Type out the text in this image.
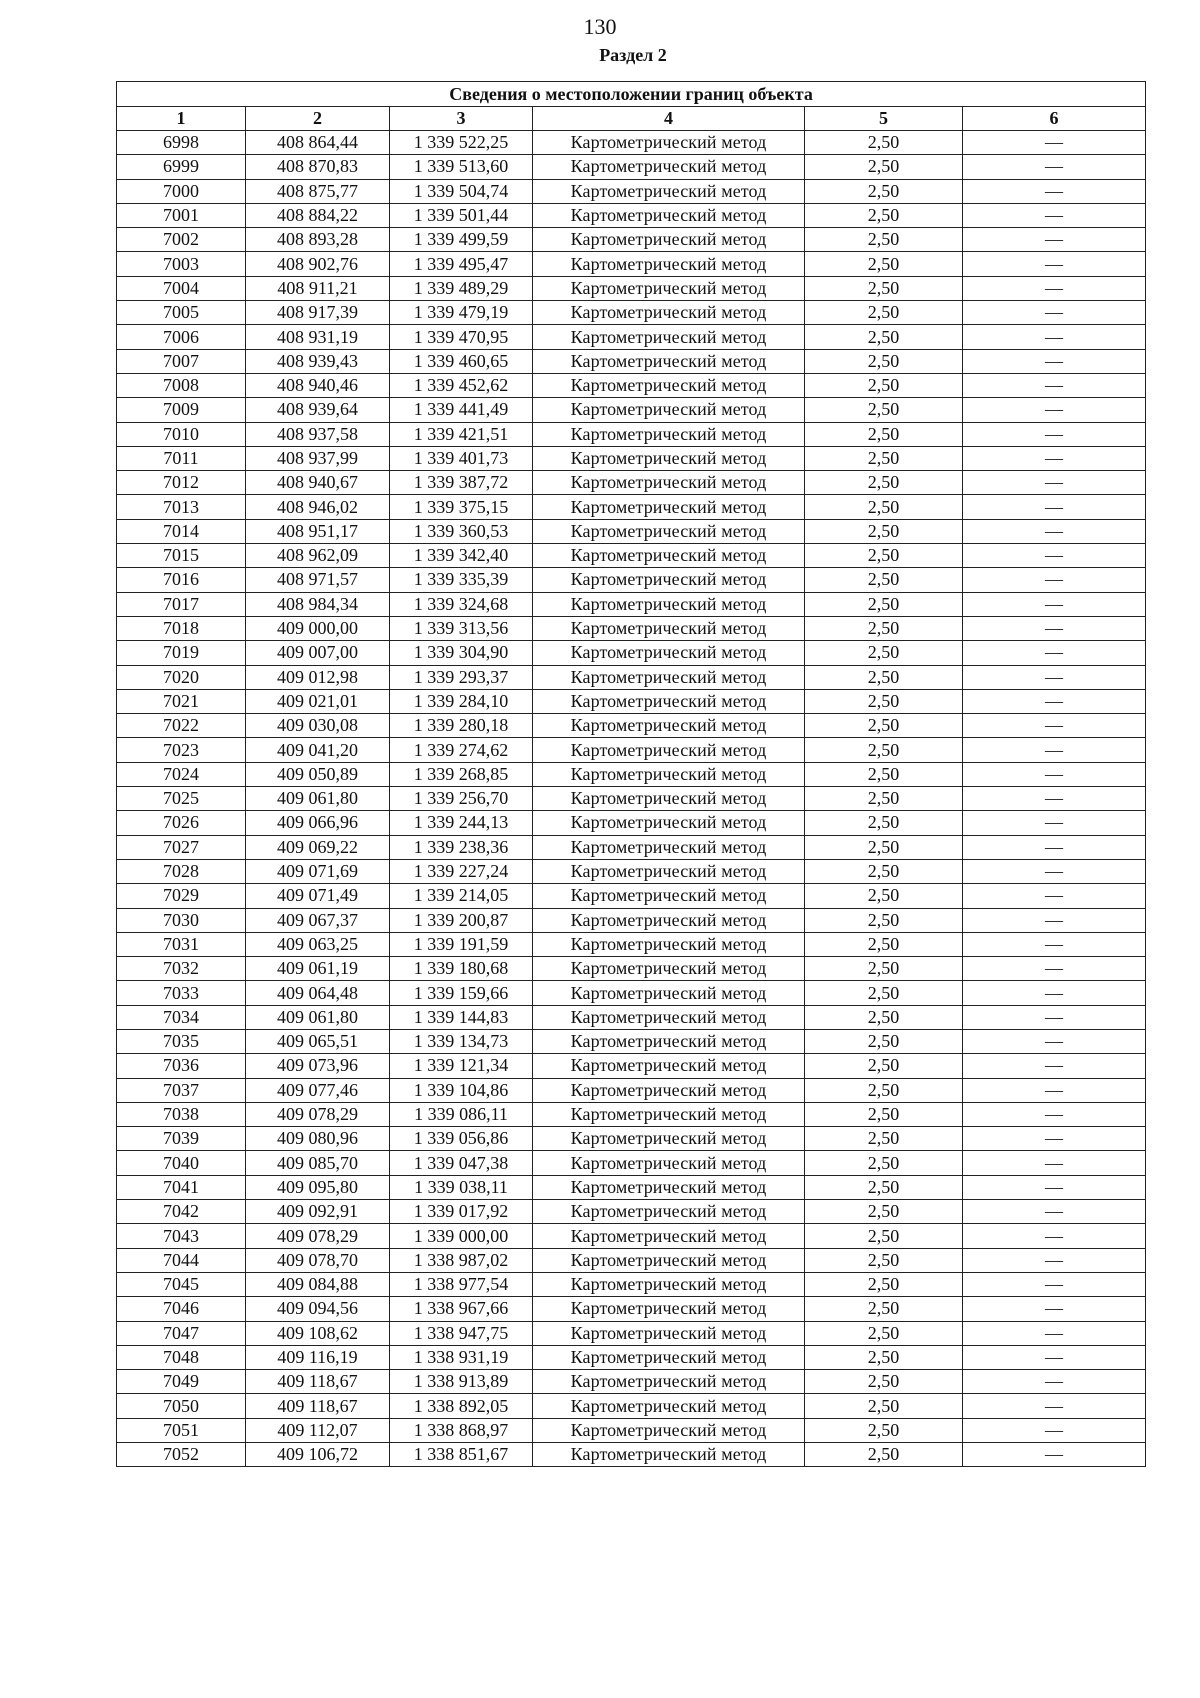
130
Раздел 2
Сведения о местоположении границ объекта					
1	2	3	4	5	6
6998	408 864,44	1 339 522,25	Картометрический метод	2,50	—
6999	408 870,83	1 339 513,60	Картометрический метод	2,50	—
7000	408 875,77	1 339 504,74	Картометрический метод	2,50	—
7001	408 884,22	1 339 501,44	Картометрический метод	2,50	—
7002	408 893,28	1 339 499,59	Картометрический метод	2,50	—
7003	408 902,76	1 339 495,47	Картометрический метод	2,50	—
7004	408 911,21	1 339 489,29	Картометрический метод	2,50	—
7005	408 917,39	1 339 479,19	Картометрический метод	2,50	—
7006	408 931,19	1 339 470,95	Картометрический метод	2,50	—
7007	408 939,43	1 339 460,65	Картометрический метод	2,50	—
7008	408 940,46	1 339 452,62	Картометрический метод	2,50	—
7009	408 939,64	1 339 441,49	Картометрический метод	2,50	—
7010	408 937,58	1 339 421,51	Картометрический метод	2,50	—
7011	408 937,99	1 339 401,73	Картометрический метод	2,50	—
7012	408 940,67	1 339 387,72	Картометрический метод	2,50	—
7013	408 946,02	1 339 375,15	Картометрический метод	2,50	—
7014	408 951,17	1 339 360,53	Картометрический метод	2,50	—
7015	408 962,09	1 339 342,40	Картометрический метод	2,50	—
7016	408 971,57	1 339 335,39	Картометрический метод	2,50	—
7017	408 984,34	1 339 324,68	Картометрический метод	2,50	—
7018	409 000,00	1 339 313,56	Картометрический метод	2,50	—
7019	409 007,00	1 339 304,90	Картометрический метод	2,50	—
7020	409 012,98	1 339 293,37	Картометрический метод	2,50	—
7021	409 021,01	1 339 284,10	Картометрический метод	2,50	—
7022	409 030,08	1 339 280,18	Картометрический метод	2,50	—
7023	409 041,20	1 339 274,62	Картометрический метод	2,50	—
7024	409 050,89	1 339 268,85	Картометрический метод	2,50	—
7025	409 061,80	1 339 256,70	Картометрический метод	2,50	—
7026	409 066,96	1 339 244,13	Картометрический метод	2,50	—
7027	409 069,22	1 339 238,36	Картометрический метод	2,50	—
7028	409 071,69	1 339 227,24	Картометрический метод	2,50	—
7029	409 071,49	1 339 214,05	Картометрический метод	2,50	—
7030	409 067,37	1 339 200,87	Картометрический метод	2,50	—
7031	409 063,25	1 339 191,59	Картометрический метод	2,50	—
7032	409 061,19	1 339 180,68	Картометрический метод	2,50	—
7033	409 064,48	1 339 159,66	Картометрический метод	2,50	—
7034	409 061,80	1 339 144,83	Картометрический метод	2,50	—
7035	409 065,51	1 339 134,73	Картометрический метод	2,50	—
7036	409 073,96	1 339 121,34	Картометрический метод	2,50	—
7037	409 077,46	1 339 104,86	Картометрический метод	2,50	—
7038	409 078,29	1 339 086,11	Картометрический метод	2,50	—
7039	409 080,96	1 339 056,86	Картометрический метод	2,50	—
7040	409 085,70	1 339 047,38	Картометрический метод	2,50	—
7041	409 095,80	1 339 038,11	Картометрический метод	2,50	—
7042	409 092,91	1 339 017,92	Картометрический метод	2,50	—
7043	409 078,29	1 339 000,00	Картометрический метод	2,50	—
7044	409 078,70	1 338 987,02	Картометрический метод	2,50	—
7045	409 084,88	1 338 977,54	Картометрический метод	2,50	—
7046	409 094,56	1 338 967,66	Картометрический метод	2,50	—
7047	409 108,62	1 338 947,75	Картометрический метод	2,50	—
7048	409 116,19	1 338 931,19	Картометрический метод	2,50	—
7049	409 118,67	1 338 913,89	Картометрический метод	2,50	—
7050	409 118,67	1 338 892,05	Картометрический метод	2,50	—
7051	409 112,07	1 338 868,97	Картометрический метод	2,50	—
7052	409 106,72	1 338 851,67	Картометрический метод	2,50	—
